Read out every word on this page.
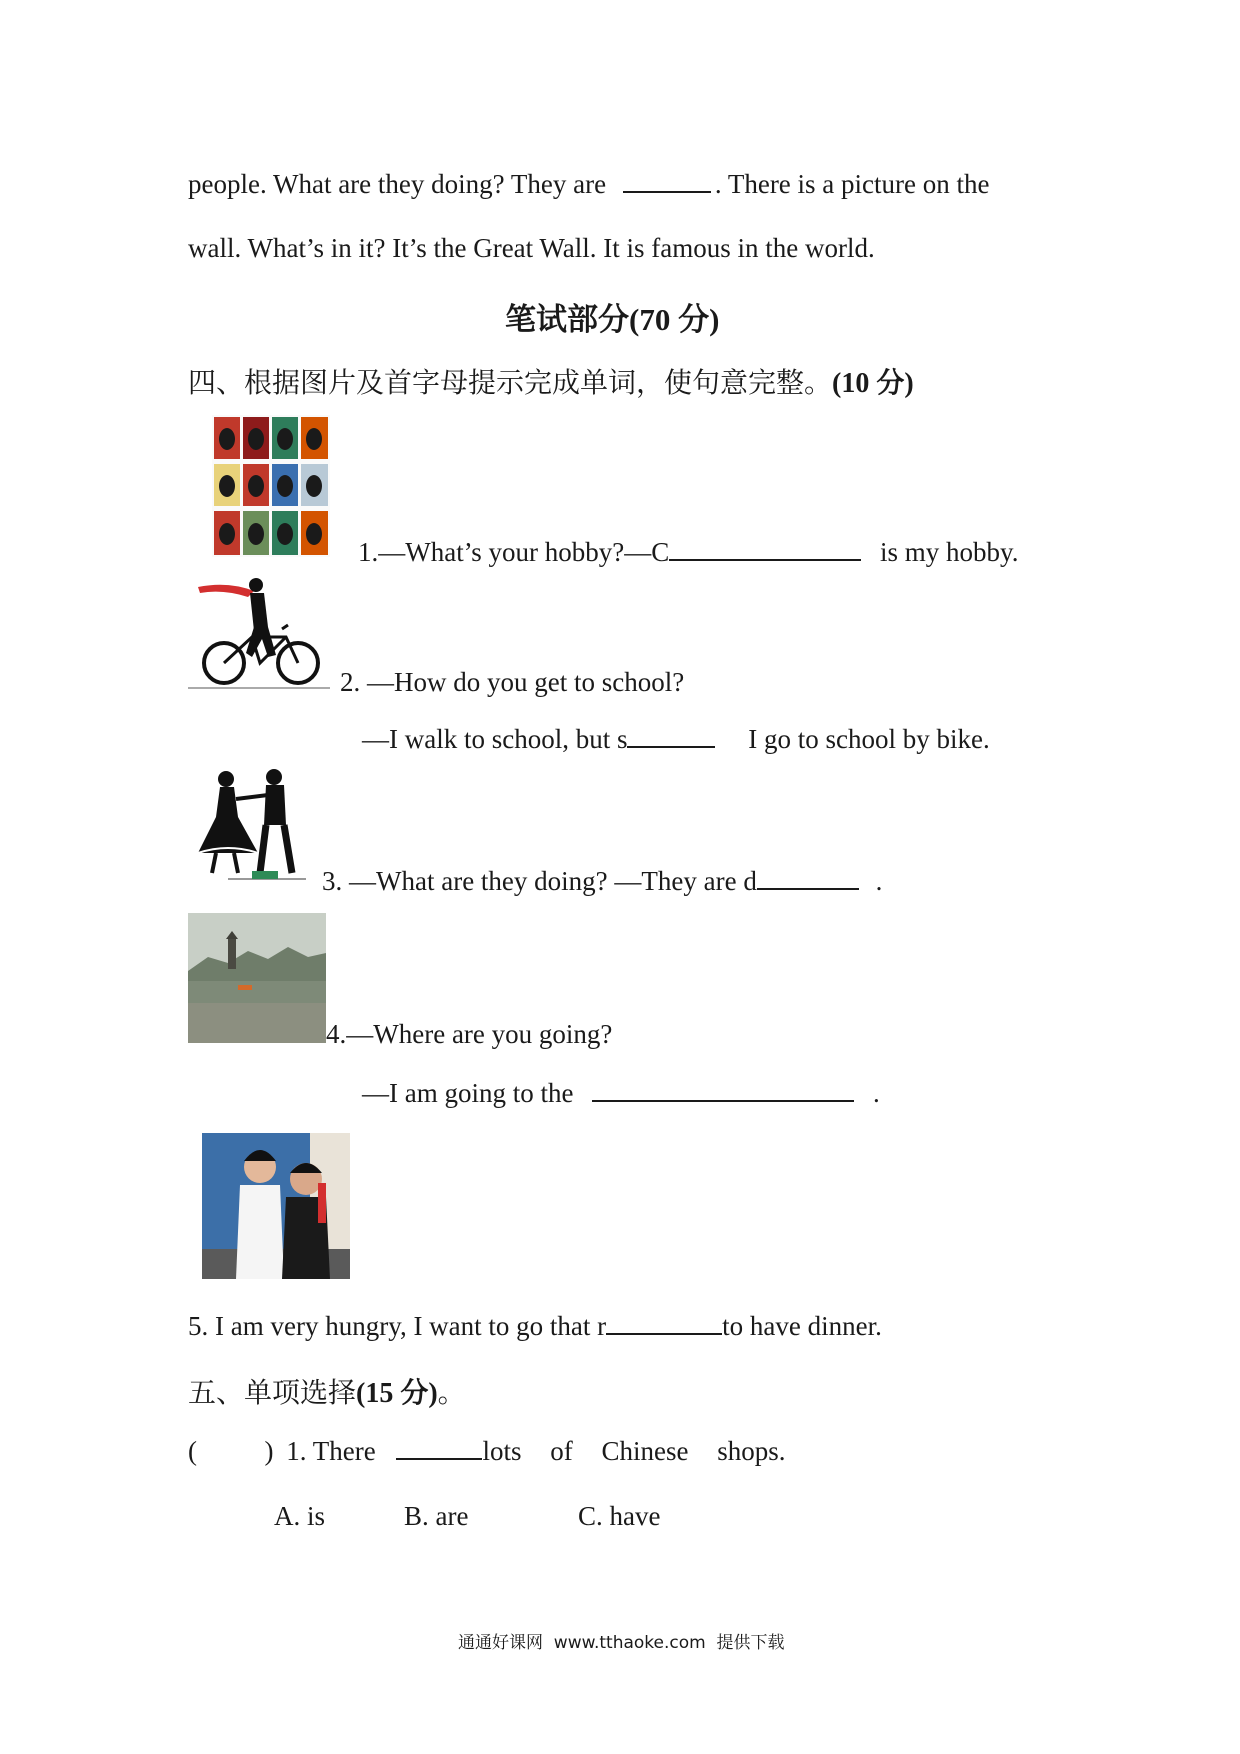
people. What are they doing? They are	. There is a picture on the
wall. What’s in it? It’s the Great Wall. It is famous in the world.
笔试部分(70 分)
四、根据图片及首字母提示完成单词，使句意完整。(10 分)
1.—What’s your hobby?—C	is my hobby.
2. —How do you get to school?
—I walk to school, but s	I go to school by bike.
3. —What are they doing? —They are d	.
4.—Where are you going?
—I am going to the	.
5. I am very hungry, I want to go that r	to have dinner.
五、单项选择(15 分)。
(          ) 1. There	lots of Chinese shops.
A. is	B. are	C. have
通通好课网  www.tthaoke.com  提供下载
